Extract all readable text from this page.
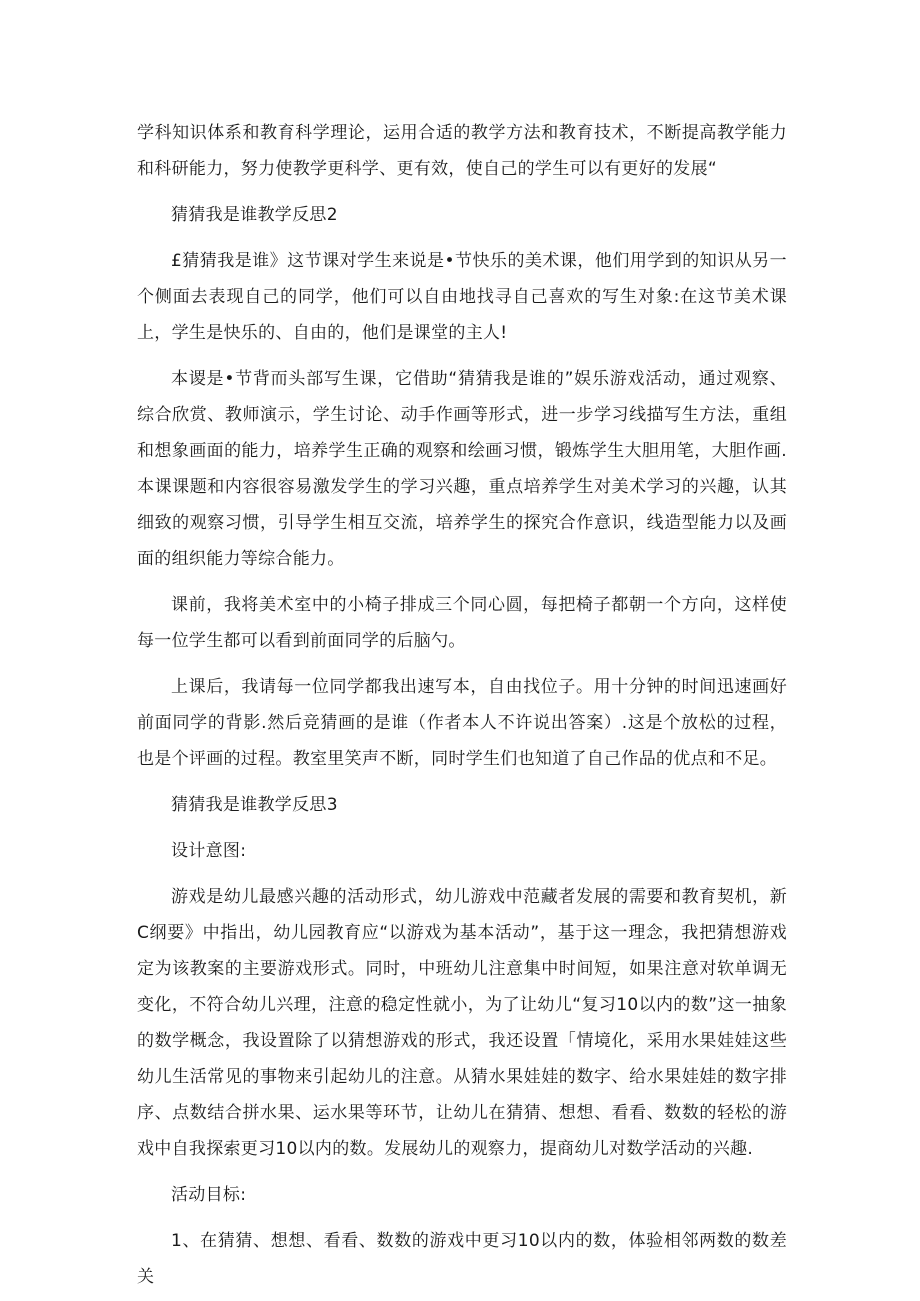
学科知识体系和教育科学理论，运用合适的教学方法和教育技术，不断提高教学能力和科研能力，努力使教学更科学、更有效，使自己的学生可以有更好的发展“

猜猜我是谁教学反思2

£猜猜我是谁》这节课对学生来说是•节快乐的美术课，他们用学到的知识从另一个侧面去表现自己的同学，他们可以自由地找寻自己喜欢的写生对象:在这节美术课上，学生是快乐的、自由的，他们是课堂的主人!

本谡是•节背而头部写生课，它借助“猜猜我是谁的”娱乐游戏活动，通过观察、综合欣赏、教师演示，学生讨论、动手作画等形式，进一步学习线描写生方法，重组和想象画面的能力，培养学生正确的观察和绘画习惯，锻炼学生大胆用笔，大胆作画.本课课题和内容很容易激发学生的学习兴趣，重点培养学生对美术学习的兴趣，认其细致的观察习惯，引导学生相互交流，培养学生的探究合作意识，线造型能力以及画面的组织能力等综合能力。

课前，我将美术室中的小椅子排成三个同心圆，每把椅子都朝一个方向，这样使每一位学生都可以看到前面同学的后脑勺。

上课后，我请每一位同学都我出速写本，自由找位子。用十分钟的时间迅速画好前面同学的背影.然后竞猜画的是谁（作者本人不许说出答案）.这是个放松的过程，也是个评画的过程。教室里笑声不断，同时学生们也知道了自己作品的优点和不足。

猜猜我是谁教学反思3

设计意图:

游戏是幼儿最感兴趣的活动形式，幼儿游戏中范藏者发展的需要和教育契机，新C纲要》中指出，幼儿园教育应“以游戏为基本活动”，基于这一理念，我把猜想游戏定为该教案的主要游戏形式。同时，中班幼儿注意集中时间短，如果注意对软单调无变化，不符合幼儿兴理，注意的稳定性就小，为了让幼儿“复习10以内的数”这一抽象的数学概念，我设置除了以猜想游戏的形式，我还设置「情境化，采用水果娃娃这些幼儿生活常见的事物来引起幼儿的注意。从猜水果娃娃的数字、给水果娃娃的数字排序、点数结合拼水果、运水果等环节，让幼儿在猜猜、想想、看看、数数的轻松的游戏中自我探索更习10以内的数。发展幼儿的观察力，提商幼儿对数学活动的兴趣.

活动目标:

1、在猜猜、想想、看看、数数的游戏中更习10以内的数，体验相邻两数的数差关
